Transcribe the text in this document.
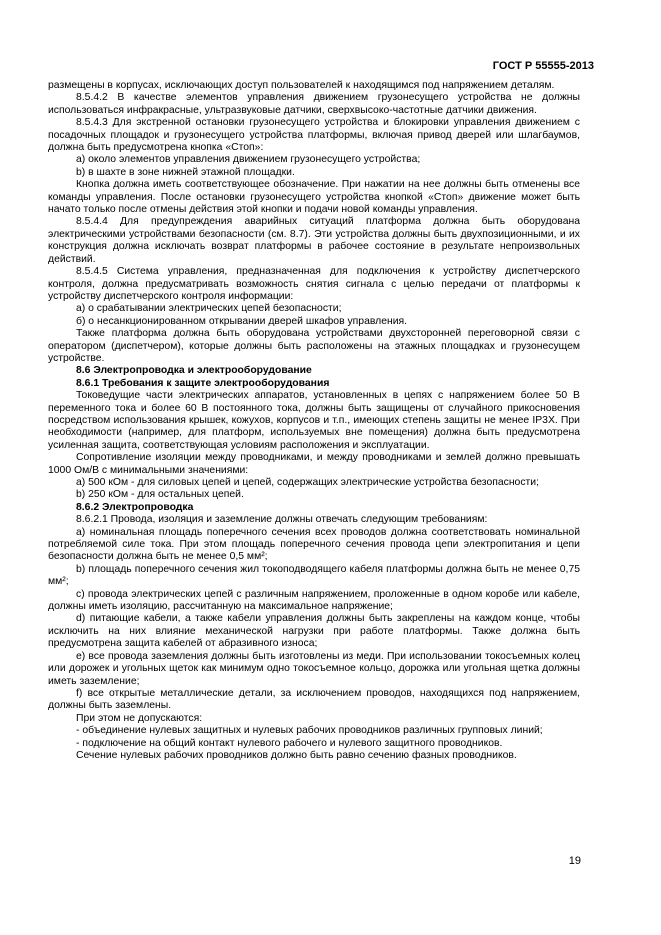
ГОСТ Р 55555-2013

размещены в корпусах, исключающих доступ пользователей к находящимся под напряжением деталям.

8.5.4.2 В качестве элементов управления движением грузонесущего устройства не должны использоваться инфракрасные, ультразвуковые датчики, сверхвысоко-частотные датчики движения.

8.5.4.3 Для экстренной остановки грузонесущего устройства и блокировки управления движением с посадочных площадок и грузонесущего устройства платформы, включая привод дверей или шлагбаумов, должна быть предусмотрена кнопка «Стоп»:

а) около элементов управления движением грузонесущего устройства;

b) в шахте в зоне нижней этажной площадки.

Кнопка должна иметь соответствующее обозначение. При нажатии на нее должны быть отменены все команды управления. После остановки грузонесущего устройства кнопкой «Стоп» движение может быть начато только после отмены действия этой кнопки и подачи новой команды управления.

8.5.4.4 Для предупреждения аварийных ситуаций платформа должна быть оборудована электрическими устройствами безопасности (см. 8.7). Эти устройства должны быть двухпозиционными, и их конструкция должна исключать возврат платформы в рабочее состояние в результате непроизвольных действий.

8.5.4.5 Система управления, предназначенная для подключения к устройству диспетчерского контроля, должна предусматривать возможность снятия сигнала с целью передачи от платформы к устройству диспетчерского контроля информации:

а) о срабатывании электрических цепей безопасности;

б) о несанкционированном открывании дверей шкафов управления.

Также платформа должна быть оборудована устройствами двухсторонней переговорной связи с оператором (диспетчером), которые должны быть расположены на этажных площадках и грузонесущем устройстве.

8.6 Электропроводка и электрооборудование

8.6.1 Требования к защите электрооборудования

Токоведущие части электрических аппаратов, установленных в цепях с напряжением более 50 В переменного тока и более 60 В постоянного тока, должны быть защищены от случайного прикосновения посредством использования крышек, кожухов, корпусов и т.п., имеющих степень защиты не менее IP3X. При необходимости (например, для платформ, используемых вне помещения) должна быть предусмотрена усиленная защита, соответствующая условиям расположения и эксплуатации.

Сопротивление изоляции между проводниками, и между проводниками и землей должно превышать 1000 Ом/В с минимальными значениями:

а) 500 кОм - для силовых цепей и цепей, содержащих электрические устройства безопасности;

b) 250 кОм - для остальных цепей.

8.6.2 Электропроводка

8.6.2.1 Провода, изоляция и заземление должны отвечать следующим требованиям:

а) номинальная площадь поперечного сечения всех проводов должна соответствовать номинальной потребляемой силе тока. При этом площадь поперечного сечения провода цепи электропитания и цепи безопасности должна быть не менее 0,5 мм²;

b) площадь поперечного сечения жил токоподводящего кабеля платформы должна быть не менее 0,75 мм²;

c) провода электрических цепей с различным напряжением, проложенные в одном коробе или кабеле, должны иметь изоляцию, рассчитанную на максимальное напряжение;

d) питающие кабели, а также кабели управления должны быть закреплены на каждом конце, чтобы исключить на них влияние механической нагрузки при работе платформы. Также должна быть предусмотрена защита кабелей от абразивного износа;

e) все провода заземления должны быть изготовлены из меди. При использовании токосъемных колец или дорожек и угольных щеток как минимум одно токосъемное кольцо, дорожка или угольная щетка должны иметь заземление;

f) все открытые металлические детали, за исключением проводов, находящихся под напряжением, должны быть заземлены.

При этом не допускаются:

- объединение нулевых защитных и нулевых рабочих проводников различных групповых линий;

- подключение на общий контакт нулевого рабочего и нулевого защитного проводников.

Сечение нулевых рабочих проводников должно быть равно сечению фазных проводников.

19
